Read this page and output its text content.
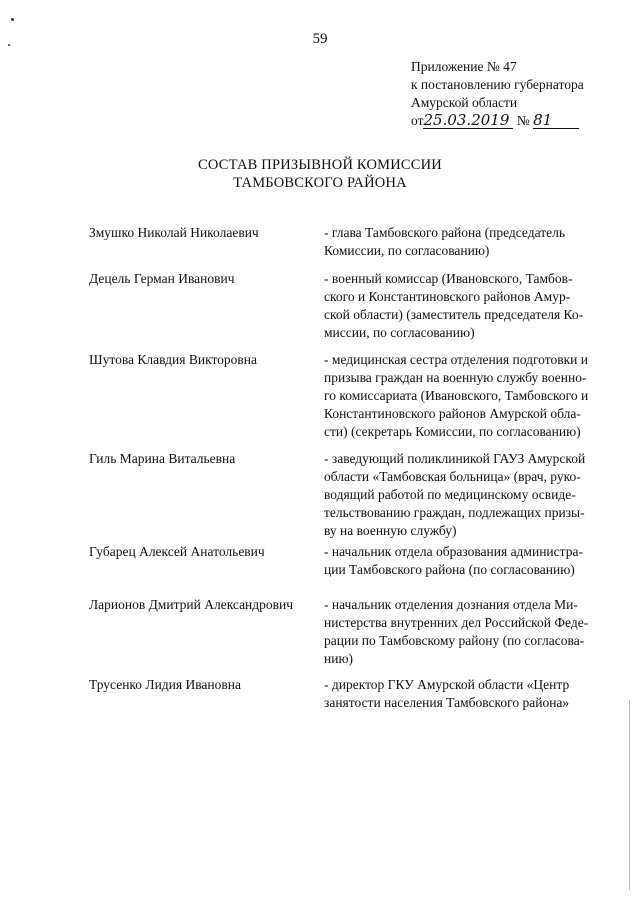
59
Приложение № 47
к постановлению губернатора
Амурской области
от25.03.2019 № 81
СОСТАВ ПРИЗЫВНОЙ КОМИССИИ
ТАМБОВСКОГО РАЙОНА
Змушко Николай Николаевич	- глава Тамбовского района (председатель
Комиссии, по согласованию)
Децель Герман Иванович	- военный комиссар (Ивановского, Тамбов-
ского и Константиновского районов Амур-
ской области) (заместитель председателя Ко-
миссии, по согласованию)
Шутова Клавдия Викторовна	- медицинская сестра отделения подготовки и
призыва граждан на военную службу военно-
го комиссариата (Ивановского, Тамбовского и
Константиновского районов Амурской обла-
сти) (секретарь Комиссии, по согласованию)
Гиль Марина Витальевна	- заведующий поликлиникой ГАУЗ Амурской
области «Тамбовская больница» (врач, руко-
водящий работой по медицинскому освиде-
тельствованию граждан, подлежащих призы-
ву на военную службу)
Губарец Алексей Анатольевич	- начальник отдела образования администра-
ции Тамбовского района (по согласованию)
Ларионов Дмитрий Александрович - начальник отделения дознания отдела Ми-
нистерства внутренних дел Российской Феде-
рации по Тамбовскому району (по согласова-
нию)
Трусенко Лидия Ивановна	- директор ГКУ Амурской области «Центр
занятости населения Тамбовского района»
